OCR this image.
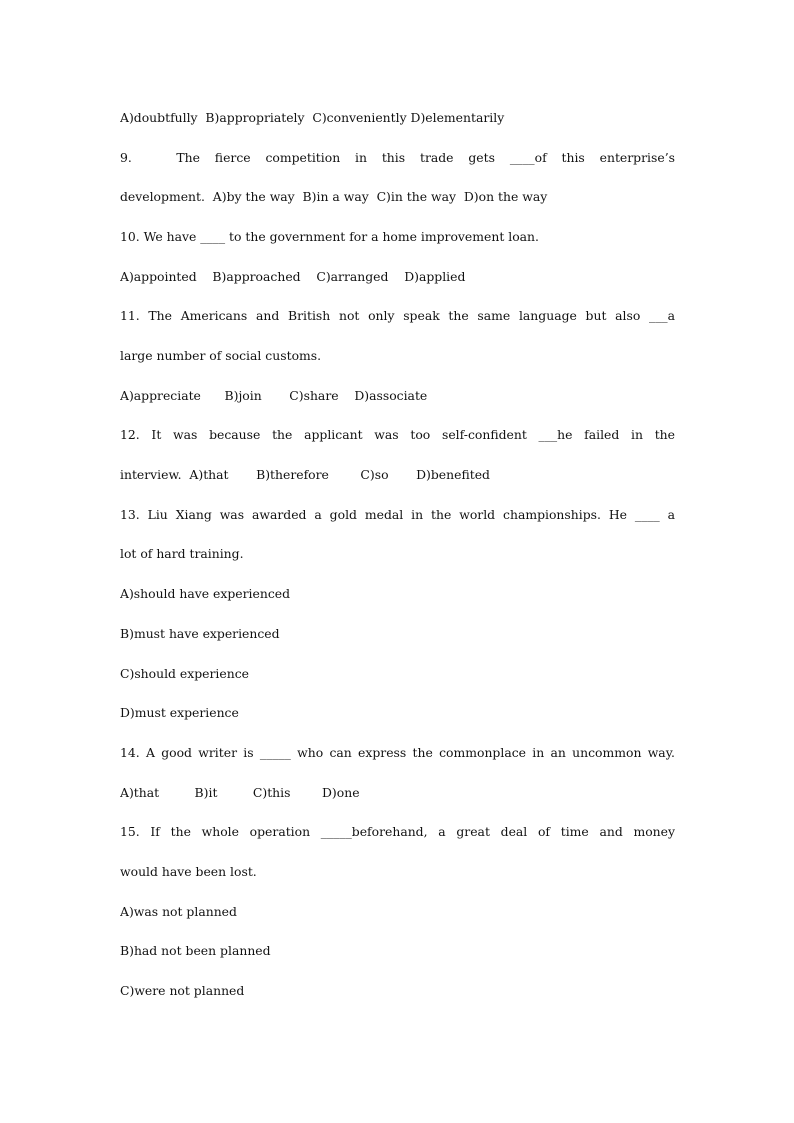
A)doubtfully  B)appropriately  C)conveniently D)elementarily
9.   The fierce competition in this trade gets ____of this enterprise’s
development.  A)by the way  B)in a way  C)in the way  D)on the way
10. We have ____ to the government for a home improvement loan.
A)appointed    B)approached    C)arranged    D)applied
11. The Americans and British not only speak the same language but also ___a
large number of social customs.
A)appreciate      B)join       C)share    D)associate
12. It was because the applicant was too self-confident ___he failed in the
interview.  A)that       B)therefore        C)so       D)benefited
13. Liu Xiang was awarded a gold medal in the world championships. He ____ a
lot of hard training.
A)should have experienced
B)must have experienced
C)should experience
D)must experience
14. A good writer is _____ who can express the commonplace in an uncommon way.
A)that         B)it         C)this        D)one
15. If the whole operation _____beforehand, a great deal of time and money
would have been lost.
A)was not planned
B)had not been planned
C)were not planned
